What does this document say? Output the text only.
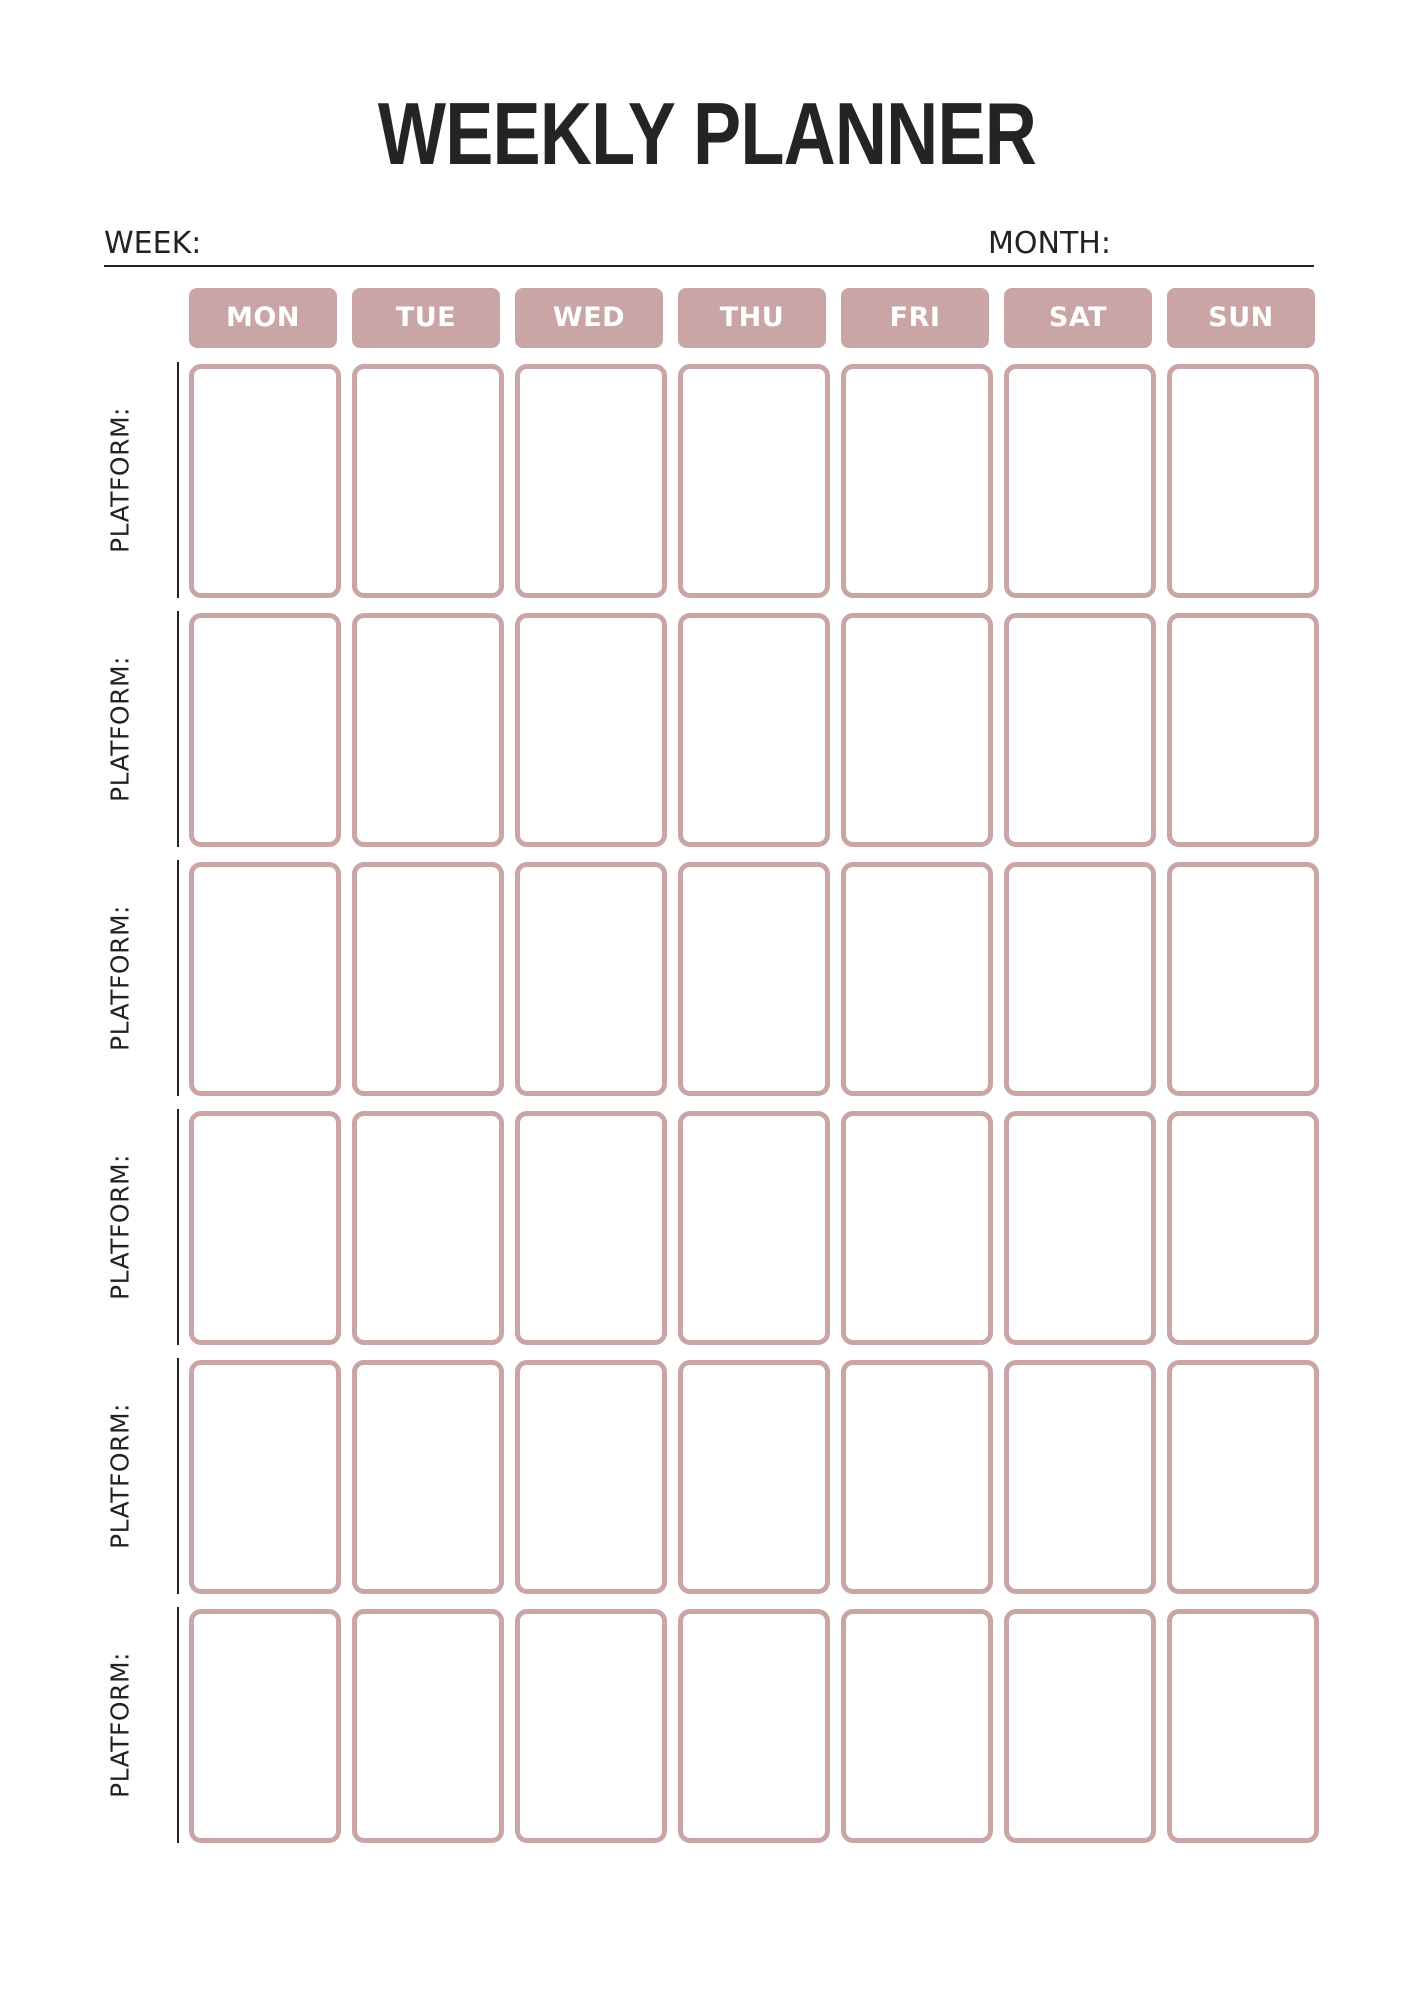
WEEKLY PLANNER
WEEK:	MONTH:
MON	TUE	WED	THU	FRI	SAT	SUN
PLATFORM:
PLATFORM:
PLATFORM:
PLATFORM:
PLATFORM:
PLATFORM:
